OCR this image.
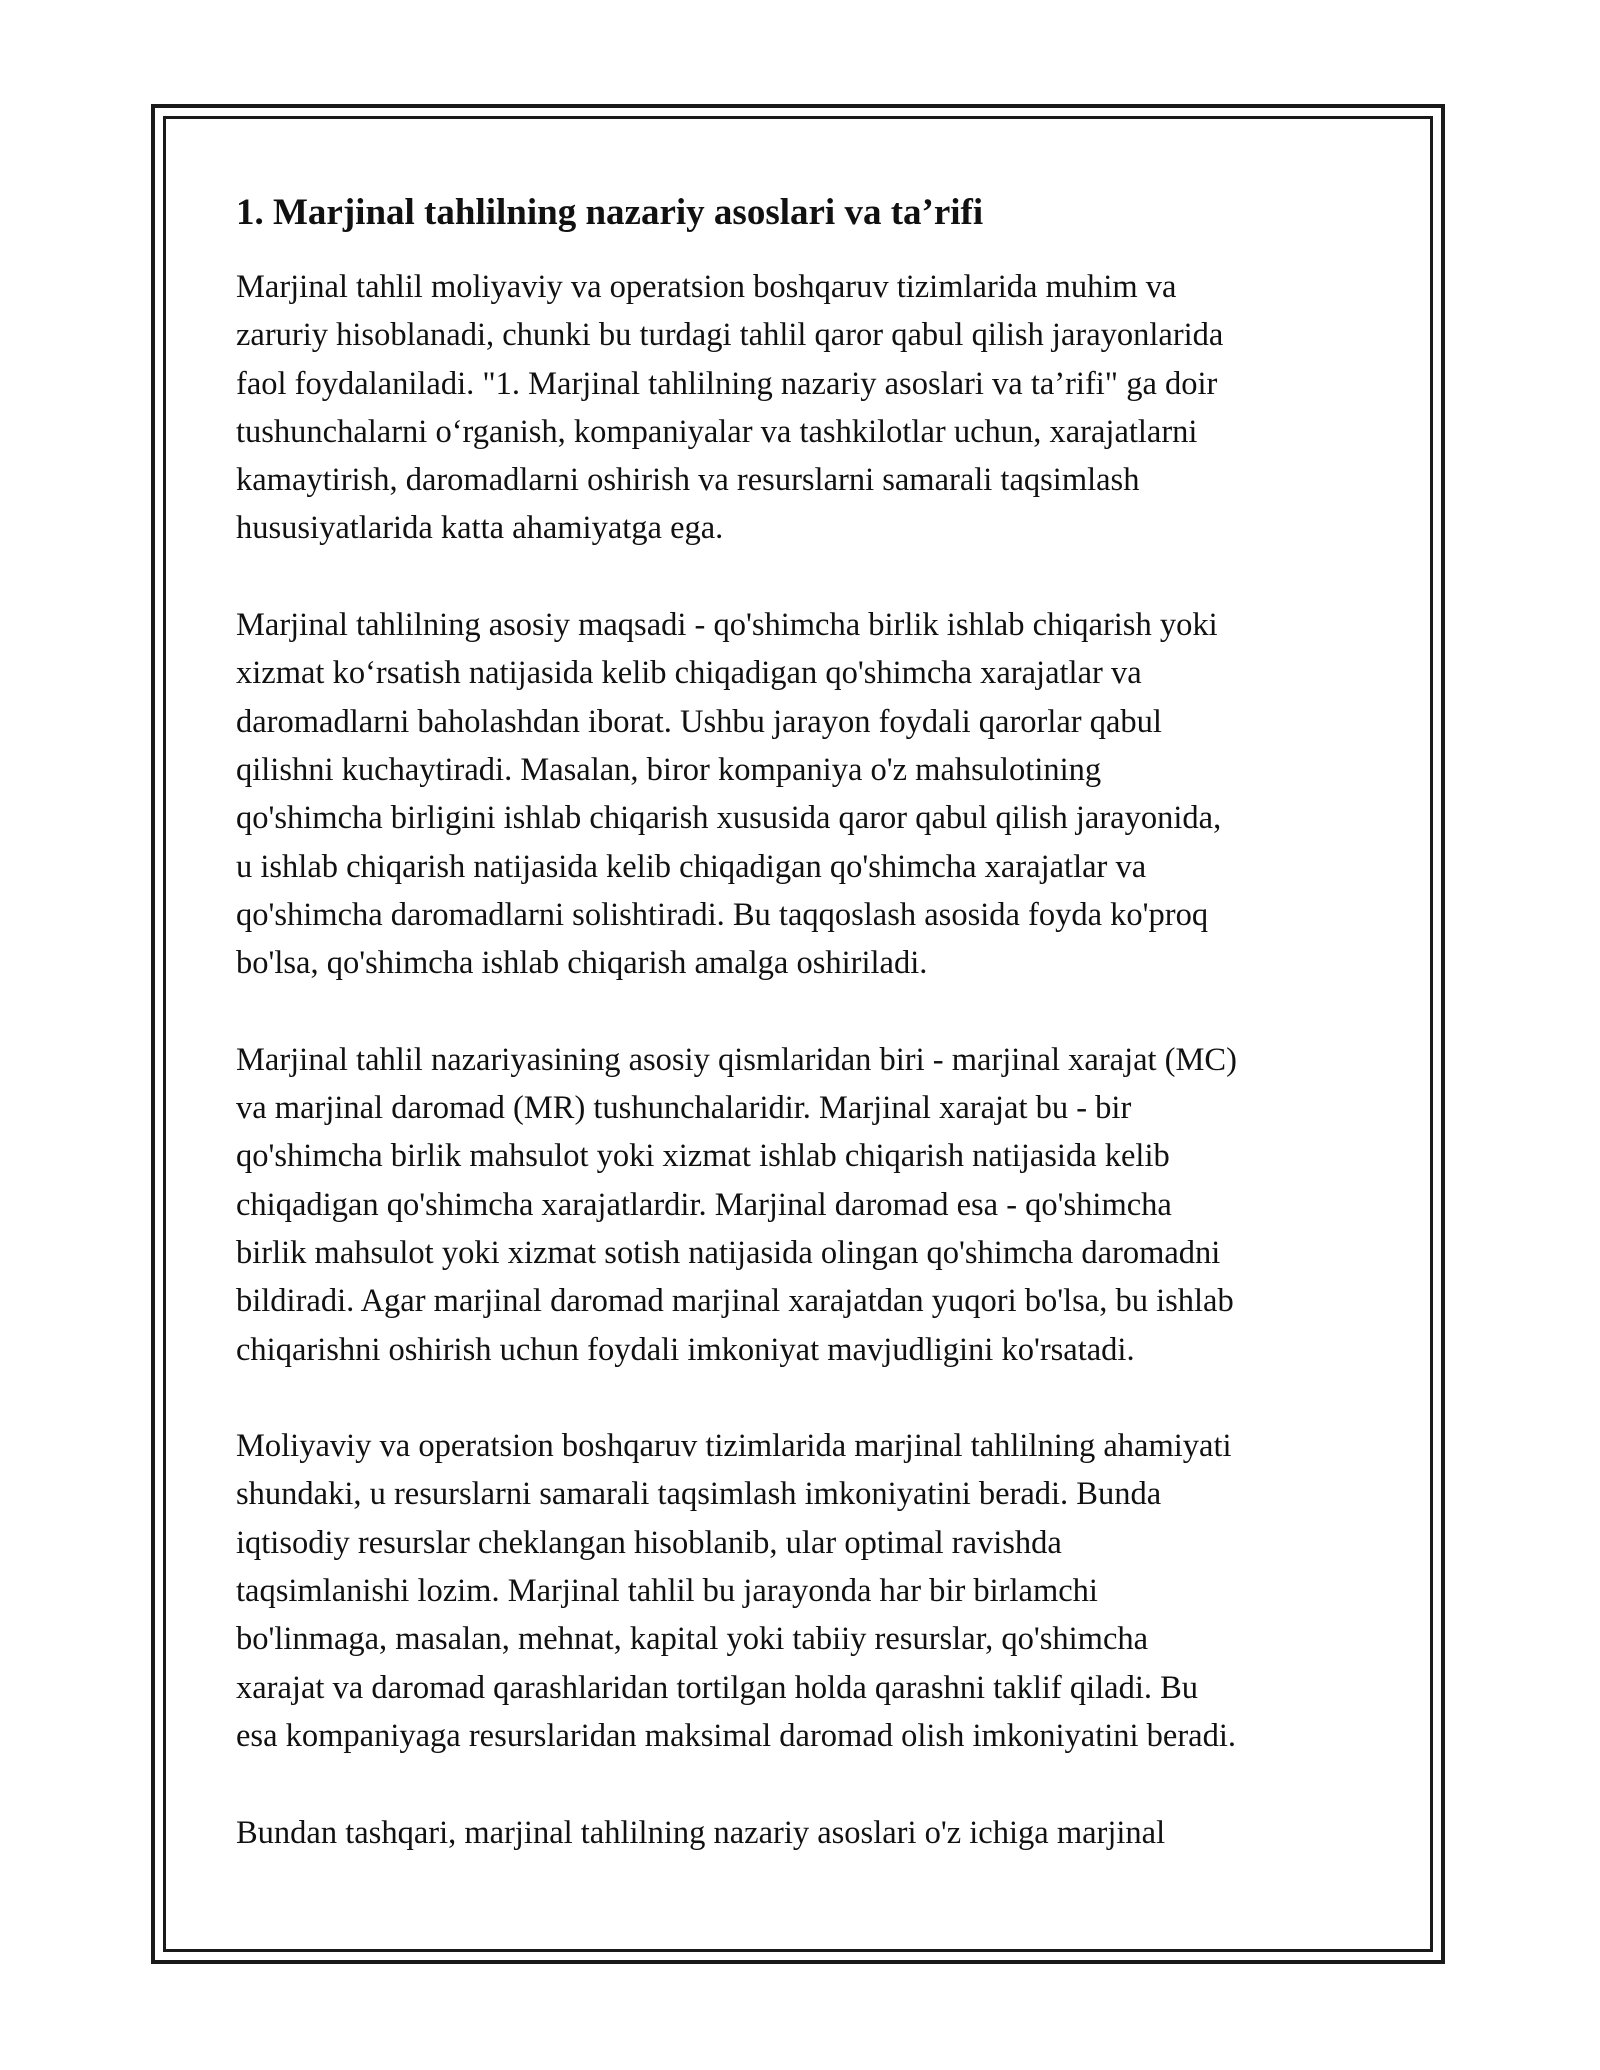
1. Marjinal tahlilning nazariy asoslari va ta’rifi

Marjinal tahlil moliyaviy va operatsion boshqaruv tizimlarida muhim va
zaruriy hisoblanadi, chunki bu turdagi tahlil qaror qabul qilish jarayonlarida
faol foydalaniladi. "1. Marjinal tahlilning nazariy asoslari va ta’rifi" ga doir
tushunchalarni oʻrganish, kompaniyalar va tashkilotlar uchun, xarajatlarni
kamaytirish, daromadlarni oshirish va resurslarni samarali taqsimlash
hususiyatlarida katta ahamiyatga ega.

Marjinal tahlilning asosiy maqsadi - qo'shimcha birlik ishlab chiqarish yoki
xizmat koʻrsatish natijasida kelib chiqadigan qo'shimcha xarajatlar va
daromadlarni baholashdan iborat. Ushbu jarayon foydali qarorlar qabul
qilishni kuchaytiradi. Masalan, biror kompaniya o'z mahsulotining
qo'shimcha birligini ishlab chiqarish xususida qaror qabul qilish jarayonida,
u ishlab chiqarish natijasida kelib chiqadigan qo'shimcha xarajatlar va
qo'shimcha daromadlarni solishtiradi. Bu taqqoslash asosida foyda ko'proq
bo'lsa, qo'shimcha ishlab chiqarish amalga oshiriladi.

Marjinal tahlil nazariyasining asosiy qismlaridan biri - marjinal xarajat (MC)
va marjinal daromad (MR) tushunchalaridir. Marjinal xarajat bu - bir
qo'shimcha birlik mahsulot yoki xizmat ishlab chiqarish natijasida kelib
chiqadigan qo'shimcha xarajatlardir. Marjinal daromad esa - qo'shimcha
birlik mahsulot yoki xizmat sotish natijasida olingan qo'shimcha daromadni
bildiradi. Agar marjinal daromad marjinal xarajatdan yuqori bo'lsa, bu ishlab
chiqarishni oshirish uchun foydali imkoniyat mavjudligini ko'rsatadi.

Moliyaviy va operatsion boshqaruv tizimlarida marjinal tahlilning ahamiyati
shundaki, u resurslarni samarali taqsimlash imkoniyatini beradi. Bunda
iqtisodiy resurslar cheklangan hisoblanib, ular optimal ravishda
taqsimlanishi lozim. Marjinal tahlil bu jarayonda har bir birlamchi
bo'linmaga, masalan, mehnat, kapital yoki tabiiy resurslar, qo'shimcha
xarajat va daromad qarashlaridan tortilgan holda qarashni taklif qiladi. Bu
esa kompaniyaga resurslaridan maksimal daromad olish imkoniyatini beradi.

Bundan tashqari, marjinal tahlilning nazariy asoslari o'z ichiga marjinal
